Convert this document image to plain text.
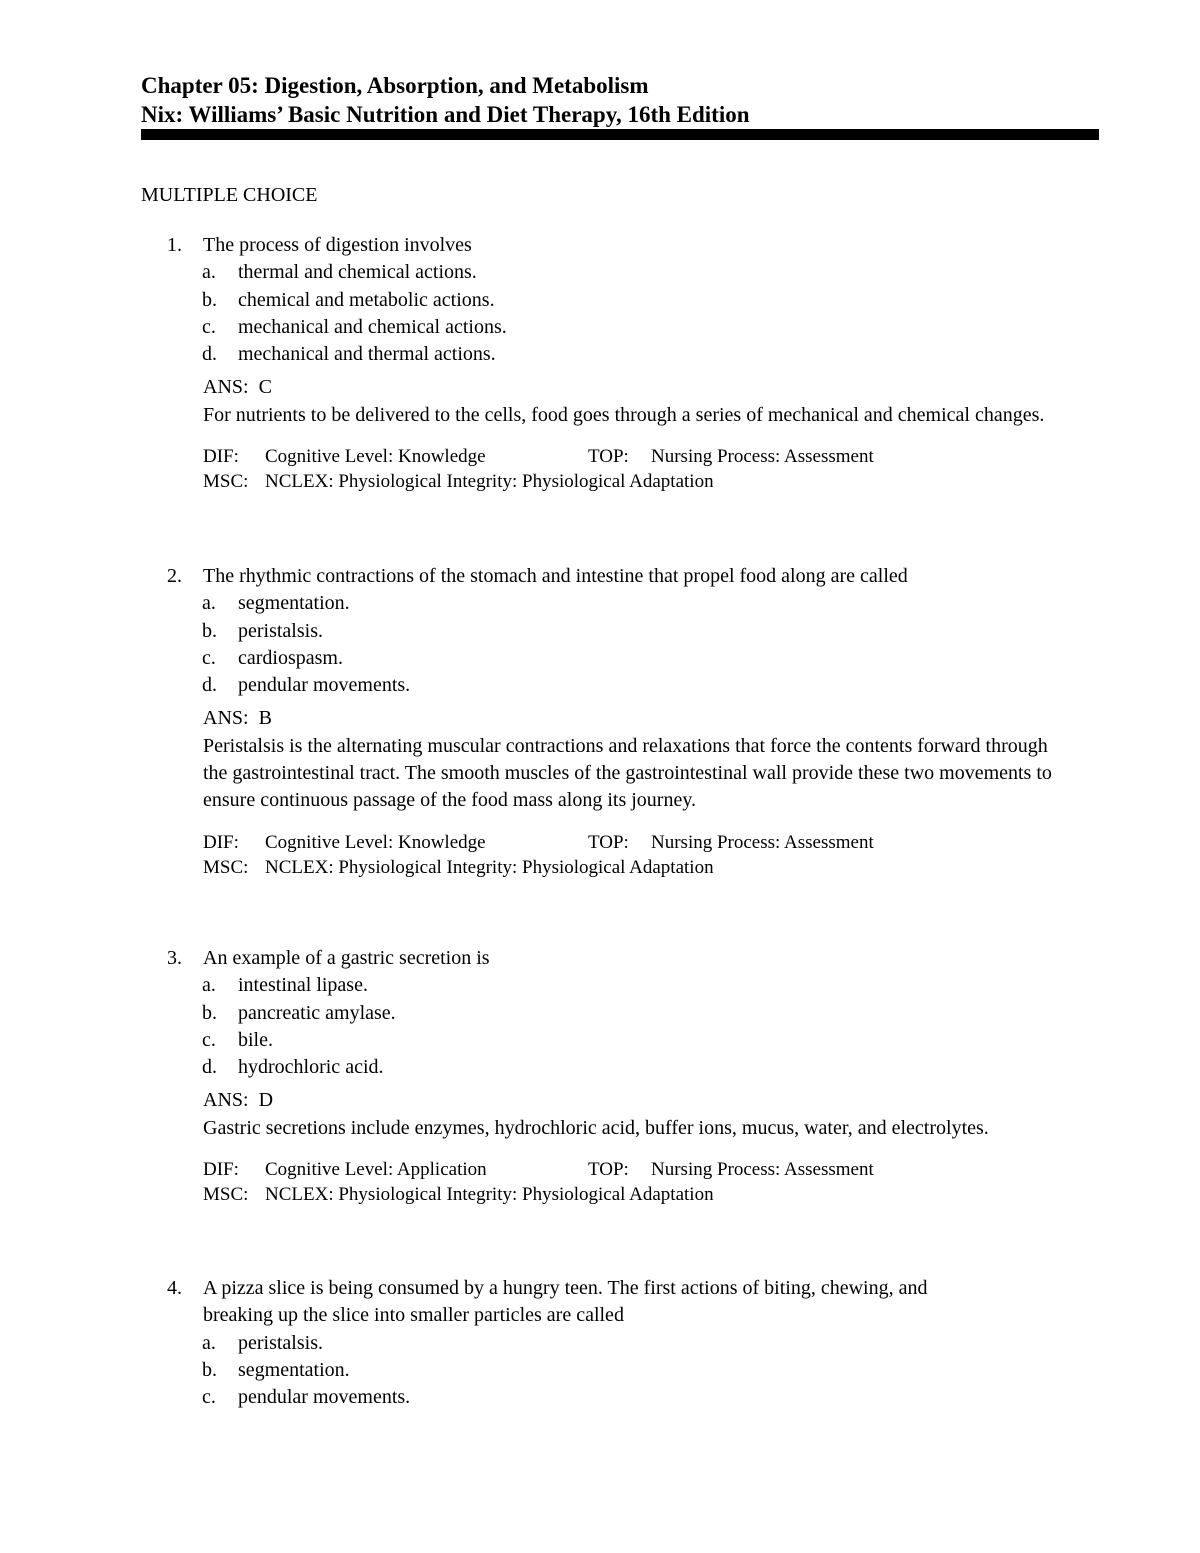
Chapter 05: Digestion, Absorption, and Metabolism
Nix: Williams’ Basic Nutrition and Diet Therapy, 16th Edition
MULTIPLE CHOICE
1. The process of digestion involves
a. thermal and chemical actions.
b. chemical and metabolic actions.
c. mechanical and chemical actions.
d. mechanical and thermal actions.
ANS: C
For nutrients to be delivered to the cells, food goes through a series of mechanical and chemical changes.
DIF: Cognitive Level: Knowledge	TOP: Nursing Process: Assessment
MSC: NCLEX: Physiological Integrity: Physiological Adaptation
2. The rhythmic contractions of the stomach and intestine that propel food along are called
a. segmentation.
b. peristalsis.
c. cardiospasm.
d. pendular movements.
ANS: B
Peristalsis is the alternating muscular contractions and relaxations that force the contents forward through the gastrointestinal tract. The smooth muscles of the gastrointestinal wall provide these two movements to ensure continuous passage of the food mass along its journey.
DIF: Cognitive Level: Knowledge	TOP: Nursing Process: Assessment
MSC: NCLEX: Physiological Integrity: Physiological Adaptation
3. An example of a gastric secretion is
a. intestinal lipase.
b. pancreatic amylase.
c. bile.
d. hydrochloric acid.
ANS: D
Gastric secretions include enzymes, hydrochloric acid, buffer ions, mucus, water, and electrolytes.
DIF: Cognitive Level: Application	TOP: Nursing Process: Assessment
MSC: NCLEX: Physiological Integrity: Physiological Adaptation
4. A pizza slice is being consumed by a hungry teen. The first actions of biting, chewing, and
breaking up the slice into smaller particles are called
a. peristalsis.
b. segmentation.
c. pendular movements.
